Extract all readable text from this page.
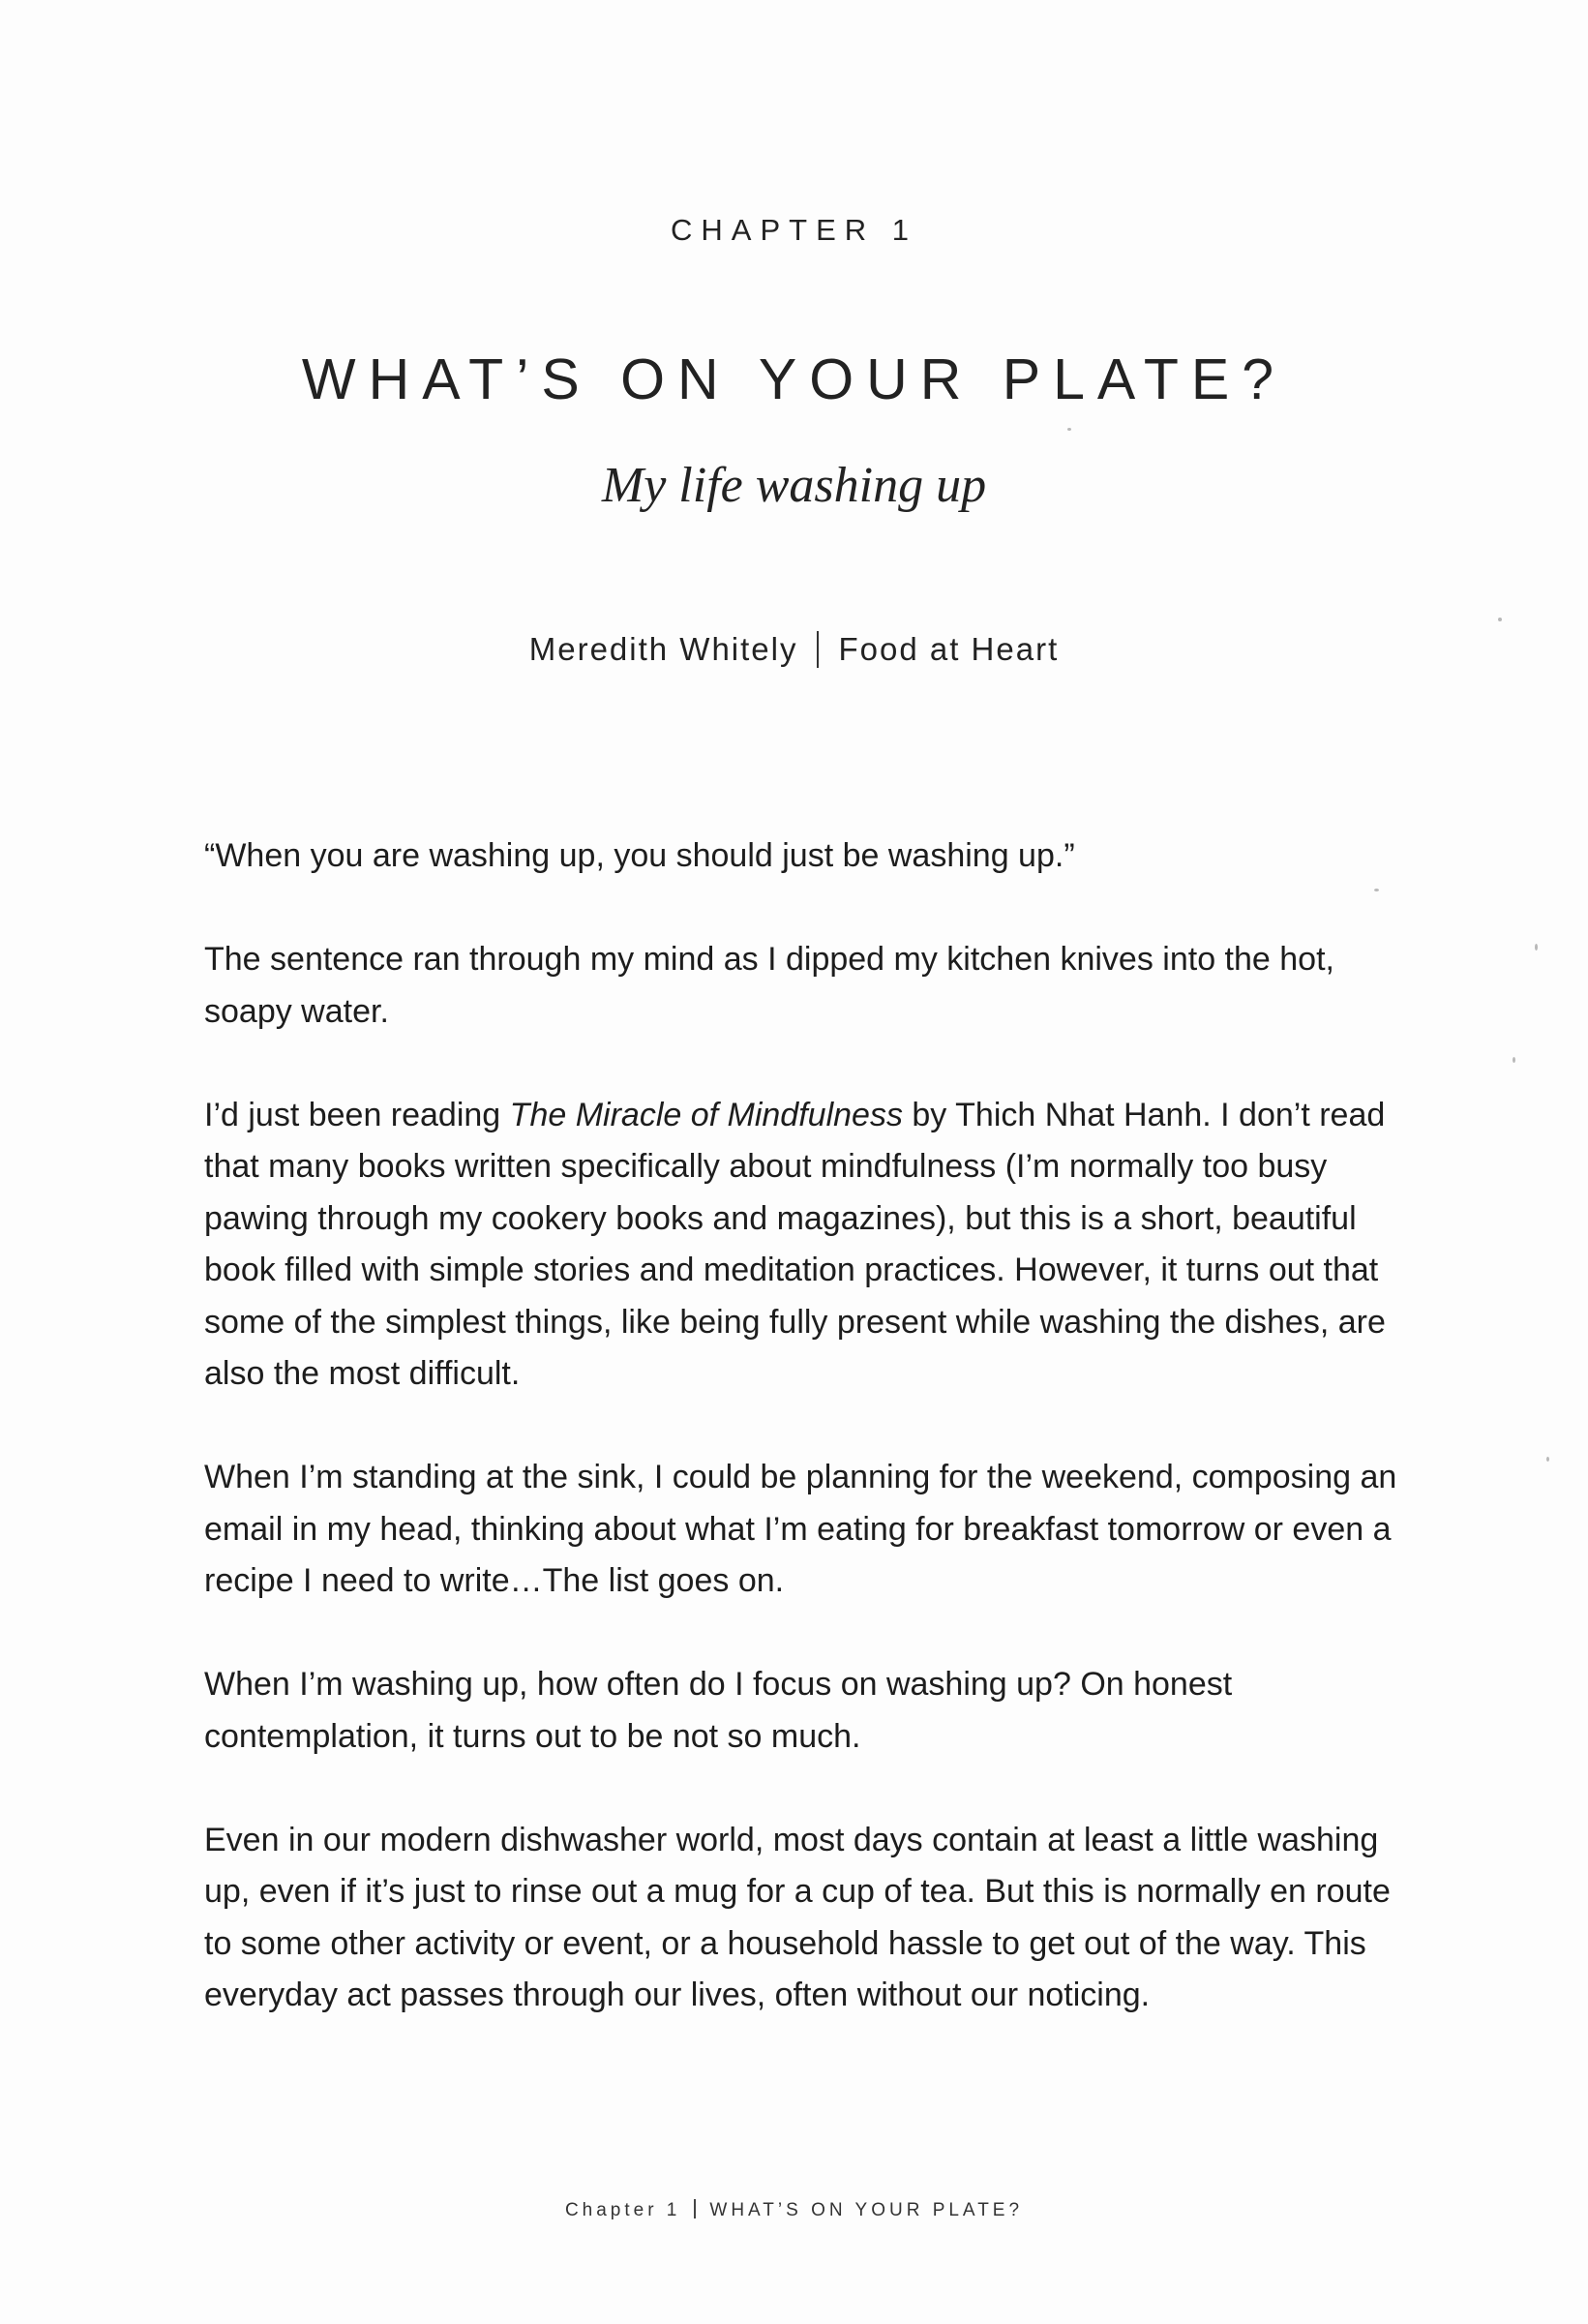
CHAPTER 1
WHAT’S ON YOUR PLATE?
My life washing up
Meredith Whitely Food at Heart

“When you are washing up, you should just be washing up.”

The sentence ran through my mind as I dipped my kitchen knives into the hot, soapy water.

I’d just been reading The Miracle of Mindfulness by Thich Nhat Hanh. I don’t read that many books written specifically about mindfulness (I’m normally too busy pawing through my cookery books and magazines), but this is a short, beautiful book filled with simple stories and meditation practices. However, it turns out that some of the simplest things, like being fully present while washing the dishes, are also the most difficult.

When I’m standing at the sink, I could be planning for the weekend, composing an email in my head, thinking about what I’m eating for breakfast tomorrow or even a recipe I need to write…The list goes on.

When I’m washing up, how often do I focus on washing up? On honest contemplation, it turns out to be not so much.

Even in our modern dishwasher world, most days contain at least a little washing up, even if it’s just to rinse out a mug for a cup of tea. But this is normally en route to some other activity or event, or a household hassle to get out of the way. This everyday act passes through our lives, often without our noticing.

Chapter 1 WHAT’S ON YOUR PLATE?
